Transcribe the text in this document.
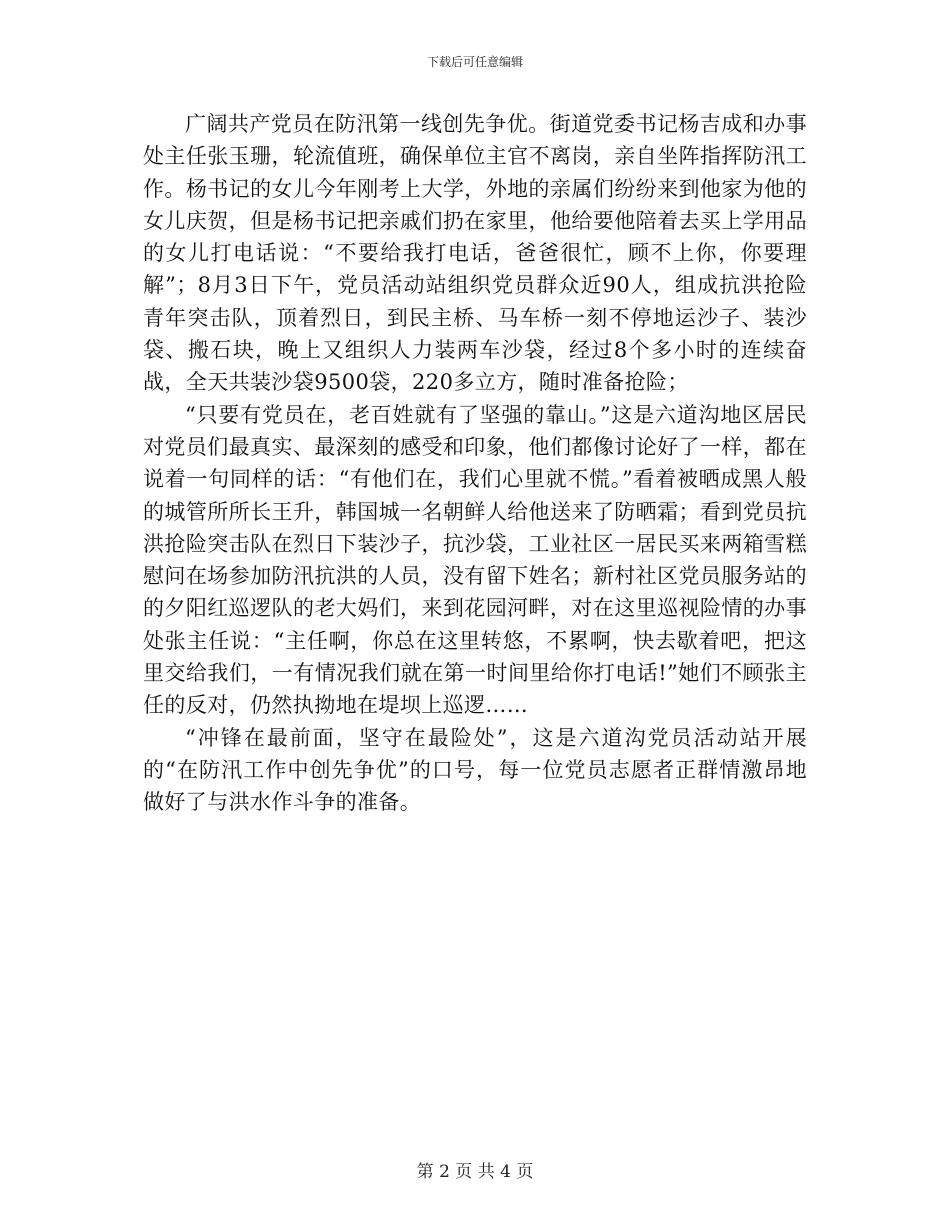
下载后可任意编辑

广阔共产党员在防汛第一线创先争优。街道党委书记杨吉成和办事处主任张玉珊，轮流值班，确保单位主官不离岗，亲自坐阵指挥防汛工作。杨书记的女儿今年刚考上大学，外地的亲属们纷纷来到他家为他的女儿庆贺，但是杨书记把亲戚们扔在家里，他给要他陪着去买上学用品的女儿打电话说：“不要给我打电话，爸爸很忙，顾不上你，你要理解”；8月3日下午，党员活动站组织党员群众近90人，组成抗洪抢险青年突击队，顶着烈日，到民主桥、马车桥一刻不停地运沙子、装沙袋、搬石块，晚上又组织人力装两车沙袋，经过8个多小时的连续奋战，全天共装沙袋9500袋，220多立方，随时准备抢险；

“只要有党员在，老百姓就有了坚强的靠山。”这是六道沟地区居民对党员们最真实、最深刻的感受和印象，他们都像讨论好了一样，都在说着一句同样的话：“有他们在，我们心里就不慌。”看着被晒成黑人般的城管所所长王升，韩国城一名朝鲜人给他送来了防晒霜；看到党员抗洪抢险突击队在烈日下装沙子，抗沙袋，工业社区一居民买来两箱雪糕慰问在场参加防汛抗洪的人员，没有留下姓名；新村社区党员服务站的的夕阳红巡逻队的老大妈们，来到花园河畔，对在这里巡视险情的办事处张主任说：“主任啊，你总在这里转悠，不累啊，快去歇着吧，把这里交给我们，一有情况我们就在第一时间里给你打电话!”她们不顾张主任的反对，仍然执拗地在堤坝上巡逻……

“冲锋在最前面，坚守在最险处”，这是六道沟党员活动站开展的“在防汛工作中创先争优”的口号，每一位党员志愿者正群情激昂地做好了与洪水作斗争的准备。

第 2 页 共 4 页
